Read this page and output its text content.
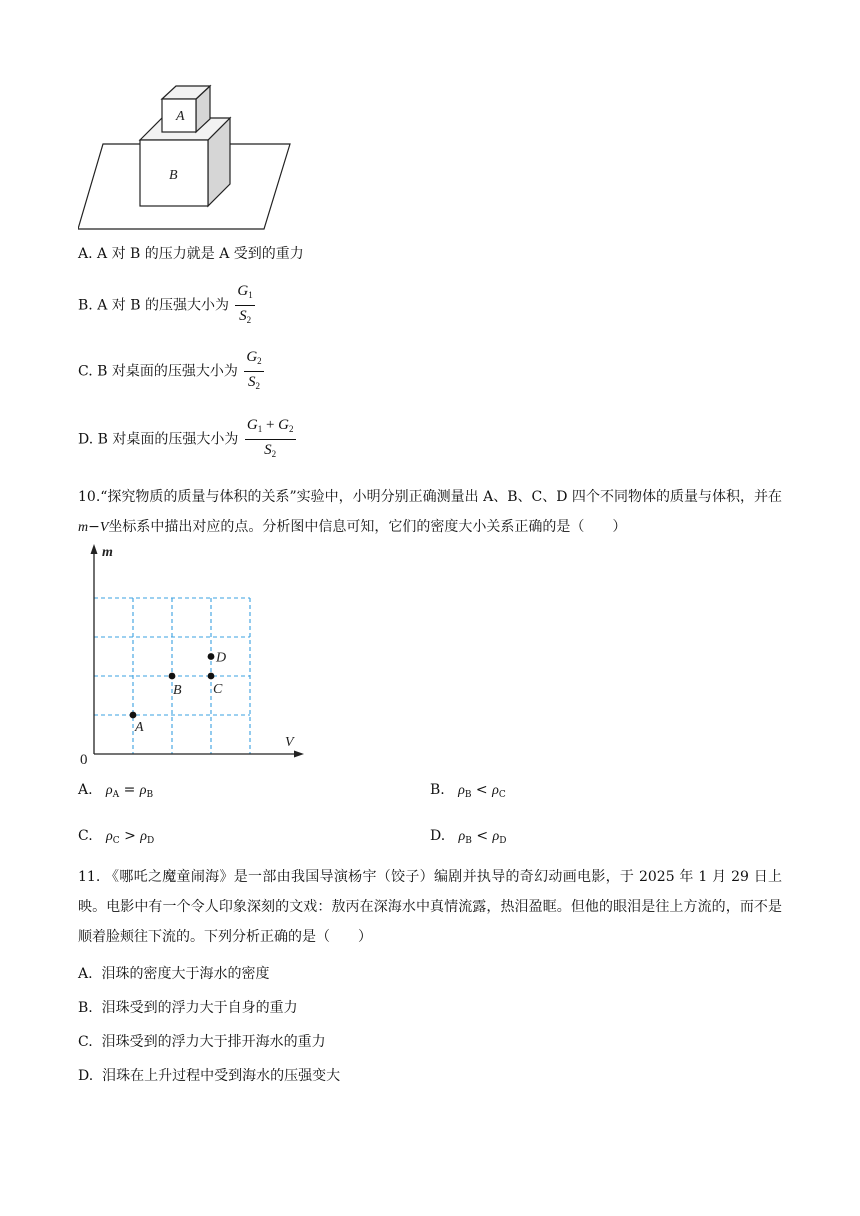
A
B
A. A 对 B 的压力就是 A 受到的重力
B. A 对 B 的压强大小为 $\frac{G_1}{S_2}$
C. B 对桌面的压强大小为 $\frac{G_2}{S_2}$
D. B 对桌面的压强大小为 $\frac{G_1 + G_2}{S_2}$
10.“探究物质的质量与体积的关系”实验中，小明分别正确测量出 A、B、C、D 四个不同物体的质量与体积，并在m−V坐标系中描出对应的点。分析图中信息可知，它们的密度大小关系正确的是（　　）
m
V
0
A
B C
D
A. $\rho_A = \rho_B$	B. $\rho_B < \rho_C$
C. $\rho_C > \rho_D$	D. $\rho_B < \rho_D$
11. 《哪吒之魔童闹海》是一部由我国导演杨宇（饺子）编剧并执导的奇幻动画电影，于 2025 年 1 月 29 日上映。电影中有一个令人印象深刻的文戏：敖丙在深海水中真情流露，热泪盈眶。但他的眼泪是往上方流的，而不是顺着脸颊往下流的。下列分析正确的是（　　）
A. 泪珠的密度大于海水的密度
B. 泪珠受到的浮力大于自身的重力
C. 泪珠受到的浮力大于排开海水的重力
D. 泪珠在上升过程中受到海水的压强变大
